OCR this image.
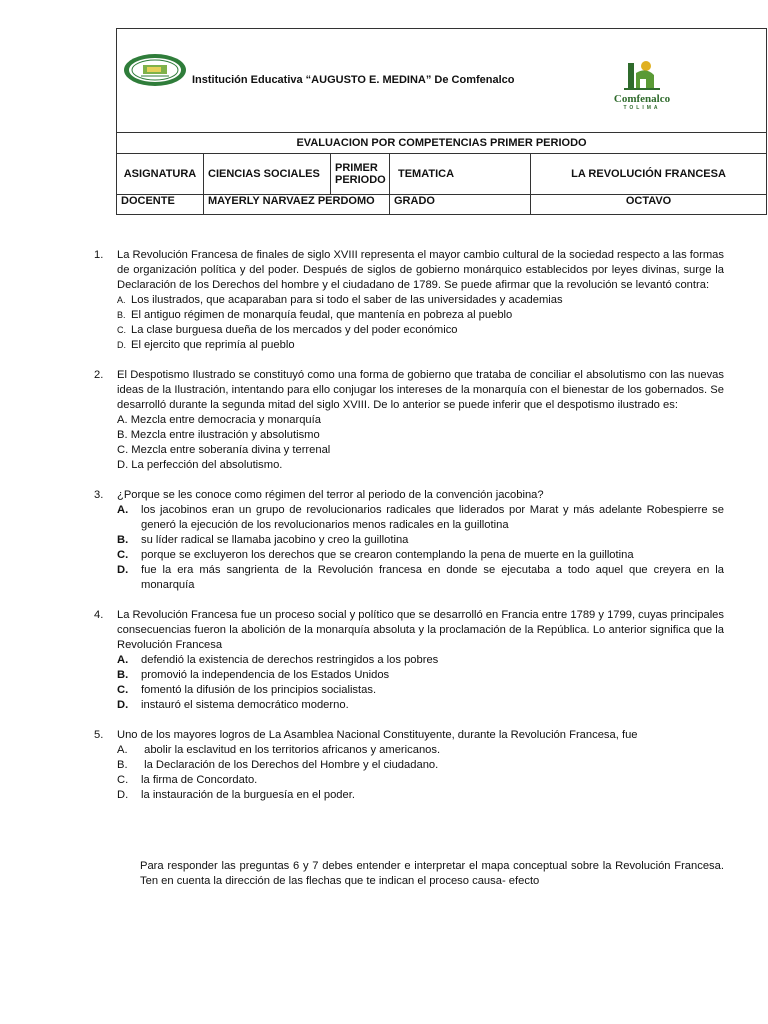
Institución Educativa “AUGUSTO E. MEDINA” De Comfenalco
Comfenalco
TOLIMA				

EVALUACION POR COMPETENCIAS PRIMER PERIODO				
ASIGNATURA	CIENCIAS SOCIALES	PRIMER PERIODO	TEMATICA	LA REVOLUCIÓN FRANCESA
DOCENTE	MAYERLY NARVAEZ PERDOMO		GRADO	OCTAVO
1. La Revolución Francesa de finales de siglo XVIII representa el mayor cambio cultural de la sociedad respecto a las formas de organización política y del poder. Después de siglos de gobierno monárquico establecidos por leyes divinas, surge la Declaración de los Derechos del hombre y el ciudadano de 1789. Se puede afirmar que la revolución se levantó contra:
A. Los ilustrados, que acaparaban para si todo el saber de las universidades y academias
B. El antiguo régimen de monarquía feudal, que mantenía en pobreza al pueblo
C. La clase burguesa dueña de los mercados y del poder económico
D. El ejercito que reprimía al pueblo
2. El Despotismo Ilustrado se constituyó como una forma de gobierno que trataba de conciliar el absolutismo con las nuevas ideas de la Ilustración, intentando para ello conjugar los intereses de la monarquía con el bienestar de los gobernados. Se desarrolló durante la segunda mitad del siglo XVIII. De lo anterior se puede inferir que el despotismo ilustrado es:
A. Mezcla entre democracia y monarquía
B. Mezcla entre ilustración y absolutismo
C. Mezcla entre soberanía divina y terrenal
D. La perfección del absolutismo.
3. ¿Porque se les conoce como régimen del terror al periodo de la convención jacobina?
A.	los jacobinos eran un grupo de revolucionarios radicales que liderados por Marat y más adelante Robespierre se generó la ejecución de los revolucionarios menos radicales en la guillotina
B.	su líder radical se llamaba jacobino y creo la guillotina
C.	porque se excluyeron los derechos que se crearon contemplando la pena de muerte en la guillotina
D.	fue la era más sangrienta de la Revolución francesa en donde se ejecutaba a todo aquel que creyera en la monarquía
4. La Revolución Francesa fue un proceso social y político que se desarrolló en Francia entre 1789 y 1799, cuyas principales consecuencias fueron la abolición de la monarquía absoluta y la proclamación de la República. Lo anterior significa que la Revolución Francesa
A. defendió la existencia de derechos restringidos a los pobres
B. promovió la independencia de los Estados Unidos
C. fomentó la difusión de los principios socialistas.
D. instauró el sistema democrático moderno.
5. Uno de los mayores logros de La Asamblea Nacional Constituyente, durante la Revolución Francesa, fue
A. abolir la esclavitud en los territorios africanos y americanos.
B. la Declaración de los Derechos del Hombre y el ciudadano.
C. la firma de Concordato.
D. la instauración de la burguesía en el poder.
Para responder las preguntas 6 y 7 debes entender e interpretar el mapa conceptual sobre la Revolución Francesa. Ten en cuenta la dirección de las flechas que te indican el proceso causa- efecto
